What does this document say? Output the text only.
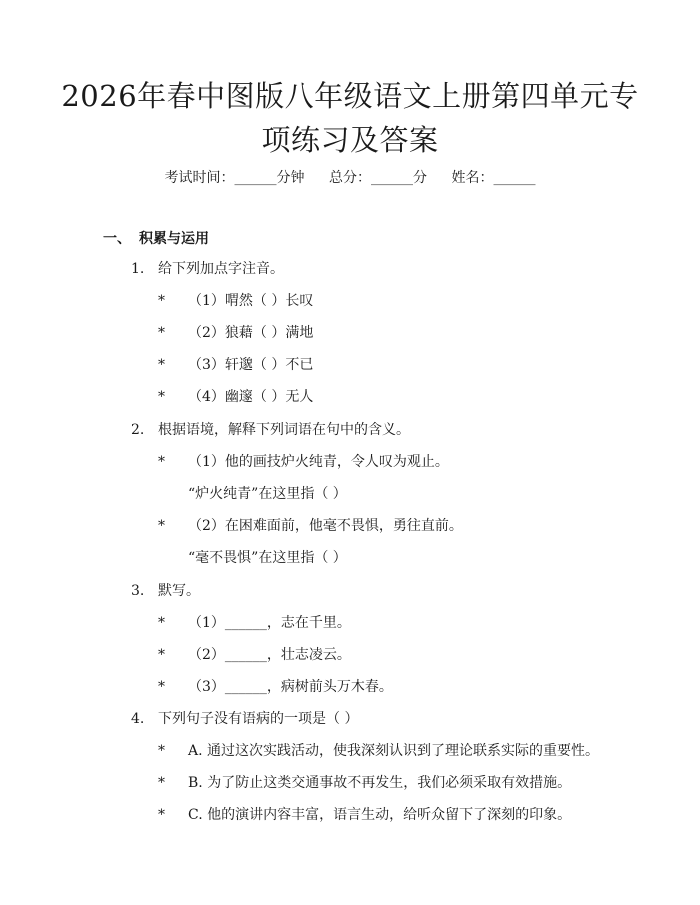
2026年春中图版八年级语文上册第四单元专项练习及答案
考试时间：______分钟 总分：______分 姓名：______
一、 积累与运用
1. 给下列加点字注音。
* （1）喟然（ ）长叹
* （2）狼藉（ ）满地
* （3）轩邈（ ）不已
* （4）幽邃（ ）无人
2. 根据语境，解释下列词语在句中的含义。
* （1）他的画技炉火纯青，令人叹为观止。
“炉火纯青”在这里指（ ）
* （2）在困难面前，他毫不畏惧，勇往直前。
“毫不畏惧”在这里指（ ）
3. 默写。
* （1）______，志在千里。
* （2）______，壮志凌云。
* （3）______，病树前头万木春。
4. 下列句子没有语病的一项是（ ）
* A. 通过这次实践活动，使我深刻认识到了理论联系实际的重要性。
* B. 为了防止这类交通事故不再发生，我们必须采取有效措施。
* C. 他的演讲内容丰富，语言生动，给听众留下了深刻的印象。
